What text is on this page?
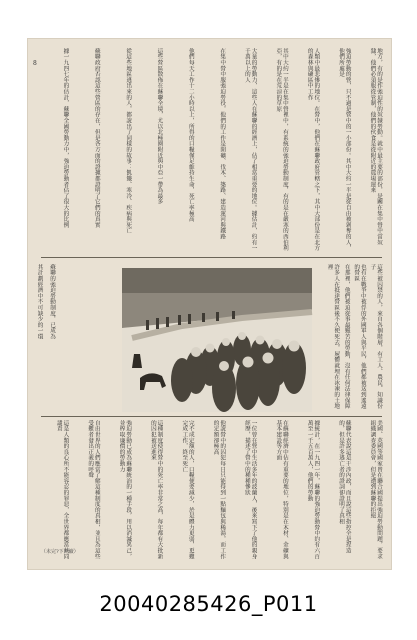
8	地方，有的是作強迫性的奴隸勞動。就中最主要的部份，是關在集中營中當奴隸，他們必須服從管制，他們的伙食是從附近的農場運來
強迫勞動的營，只不過是營中的一小部份。其中大約一半是從自由被剝奪的人，他們所處是
人類中最悲慘的地位。在營中，他們在蘇聯政府管轄之下，其中大部份是在北方的森林與礦區中工作
其中大約一半是在集中營裡中，有系統的強迫勞動制度，有的是在嚴寒的西伯利亞，有的是在荒涼的草原
大量的勞動力，這些人在蘇聯的經濟上，佔了相當重要的地位。據估計，約有一千萬以上的人
在集中營中服強迫勞役，他們的工作是開礦、伐木、築路、建造運河與鐵路
他們每天工作十二小時以上，所得的口糧僅足維持生命，死亡率極高
這些營區散佈在蘇聯全境，尤以北極圈附近與中亞一帶為最多
從這些地區逃出來的人，都說出了同樣的故事：飢餓、寒冷、疾病與死亡
蘇聯政府否認這些營區的存在，但是各方面的證據都證明了它們的真實
據一九四七年的估計，蘇聯全國勞動力中，強迫勞動者佔了很大的比例
這些被囚禁的人，來自各個階層，有工人、農民、知識份子
也有在戰爭中被俘的外國軍人與平民，他們都被送到遙遠的營區
在那裡，他們被迫從事最艱苦的勞動，沒有任何法律保障
許多人在抵達營區後不久便死去，屍體就埋在冰凍的土地裡
蘇聯的強迫勞動制度，已成為
其計劃經濟中不可缺少的一環
美國、英國等國家曾在聯合國提出強迫勞動問題，要求組織調查委員會，但是遭到蘇聯的拒絕
蘇聯代表說這是干涉內政，而且說這些指控全是捏造的，但是許多逃亡者的證詞卻證明了真相
據統計，在一九四一年，蘇聯的強迫勞動營中約有六百萬至一千五百萬人，他們的勞動
在蘇聯經濟中佔有重要的地位，特別是在木材、金礦與基本建設等方面
一位曾在營中生活多年的波蘭人，後來寫下了他的親身經歷，描述了營中的種種慘狀
他說營中的囚犯每日只能得到一點麵包與稀湯，而工作的定額卻極高
完不成定額的人，口糧便要減少，於是體力更弱，更難完成工作，終至死亡
這種制度使得營中的死亡率非常之高，每年都有大批新的囚犯被送進來
強迫勞動已成為蘇聯統治的一種手段，用以消滅異己，並榨取廉價的勞動力
自由世界的人們應當了解這種制度的真相，並且為這些受難者發出正義的呼聲
這是人類的良心所不能容忍的罪惡，全世界都應當共同譴責
（未完?下期續）
20040285426_P011
